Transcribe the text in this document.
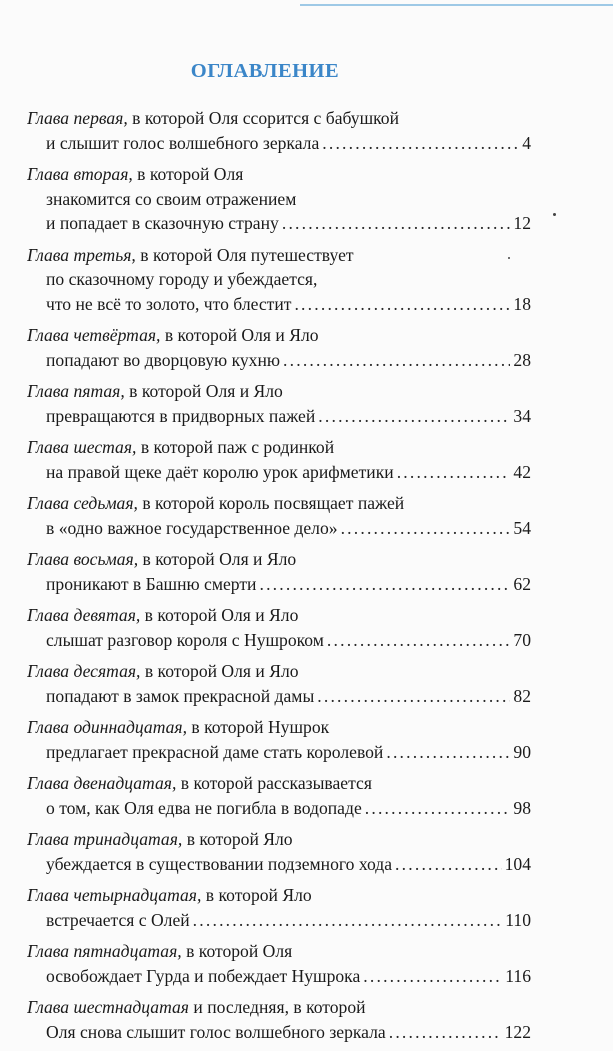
ОГЛАВЛЕНИЕ
Глава первая, в которой Оля ссорится с бабушкой
и слышит голос волшебного зеркала .....	4
Глава вторая, в которой Оля
знакомится со своим отражением
и попадает в сказочную страну .....	12
Глава третья, в которой Оля путешествует
по сказочному городу и убеждается,
что не всё то золото, что блестит .....	18
Глава четвёртая, в которой Оля и Яло
попадают во дворцовую кухню .....	28
Глава пятая, в которой Оля и Яло
превращаются в придворных пажей .....	34
Глава шестая, в которой паж с родинкой
на правой щеке даёт королю урок арифметики .....	42
Глава седьмая, в которой король посвящает пажей
в «одно важное государственное дело» .....	54
Глава восьмая, в которой Оля и Яло
проникают в Башню смерти .....	62
Глава девятая, в которой Оля и Яло
слышат разговор короля с Нушроком .....	70
Глава десятая, в которой Оля и Яло
попадают в замок прекрасной дамы .....	82
Глава одиннадцатая, в которой Нушрок
предлагает прекрасной даме стать королевой .....	90
Глава двенадцатая, в которой рассказывается
о том, как Оля едва не погибла в водопаде .....	98
Глава тринадцатая, в которой Яло
убеждается в существовании подземного хода .....	104
Глава четырнадцатая, в которой Яло
встречается с Олей .....	110
Глава пятнадцатая, в которой Оля
освобождает Гурда и побеждает Нушрока .....	116
Глава шестнадцатая и последняя, в которой
Оля снова слышит голос волшебного зеркала .....	122
